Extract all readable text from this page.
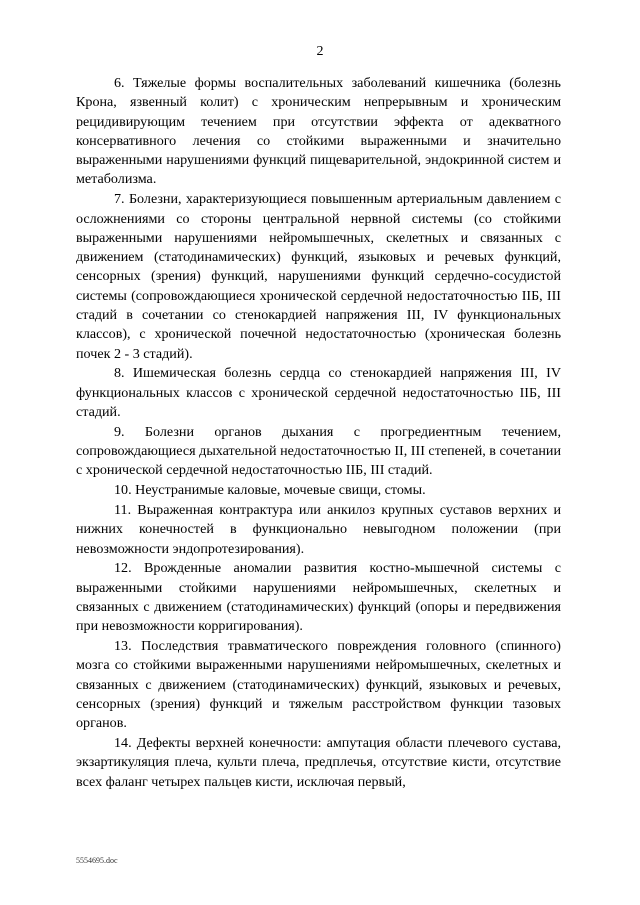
2

6. Тяжелые формы воспалительных заболеваний кишечника (болезнь Крона, язвенный колит) с хроническим непрерывным и хроническим рецидивирующим течением при отсутствии эффекта от адекватного консервативного лечения со стойкими выраженными и значительно выраженными нарушениями функций пищеварительной, эндокринной систем и метаболизма.

7. Болезни, характеризующиеся повышенным артериальным давлением с осложнениями со стороны центральной нервной системы (со стойкими выраженными нарушениями нейромышечных, скелетных и связанных с движением (статодинамических) функций, языковых и речевых функций, сенсорных (зрения) функций, нарушениями функций сердечно-сосудистой системы (сопровождающиеся хронической сердечной недостаточностью IIБ, III стадий в сочетании со стенокардией напряжения III, IV функциональных классов), с хронической почечной недостаточностью (хроническая болезнь почек 2 - 3 стадий).

8. Ишемическая болезнь сердца со стенокардией напряжения III, IV функциональных классов с хронической сердечной недостаточностью IIБ, III стадий.

9. Болезни органов дыхания с прогредиентным течением, сопровождающиеся дыхательной недостаточностью II, III степеней, в сочетании с хронической сердечной недостаточностью IIБ, III стадий.

10. Неустранимые каловые, мочевые свищи, стомы.

11. Выраженная контрактура или анкилоз крупных суставов верхних и нижних конечностей в функционально невыгодном положении (при невозможности эндопротезирования).

12. Врожденные аномалии развития костно-мышечной системы с выраженными стойкими нарушениями нейромышечных, скелетных и связанных с движением (статодинамических) функций (опоры и передвижения при невозможности корригирования).

13. Последствия травматического повреждения головного (спинного) мозга со стойкими выраженными нарушениями нейромышечных, скелетных и связанных с движением (статодинамических) функций, языковых и речевых, сенсорных (зрения) функций и тяжелым расстройством функции тазовых органов.

14. Дефекты верхней конечности: ампутация области плечевого сустава, экзартикуляция плеча, культи плеча, предплечья, отсутствие кисти, отсутствие всех фаланг четырех пальцев кисти, исключая первый,

5554695.doc
